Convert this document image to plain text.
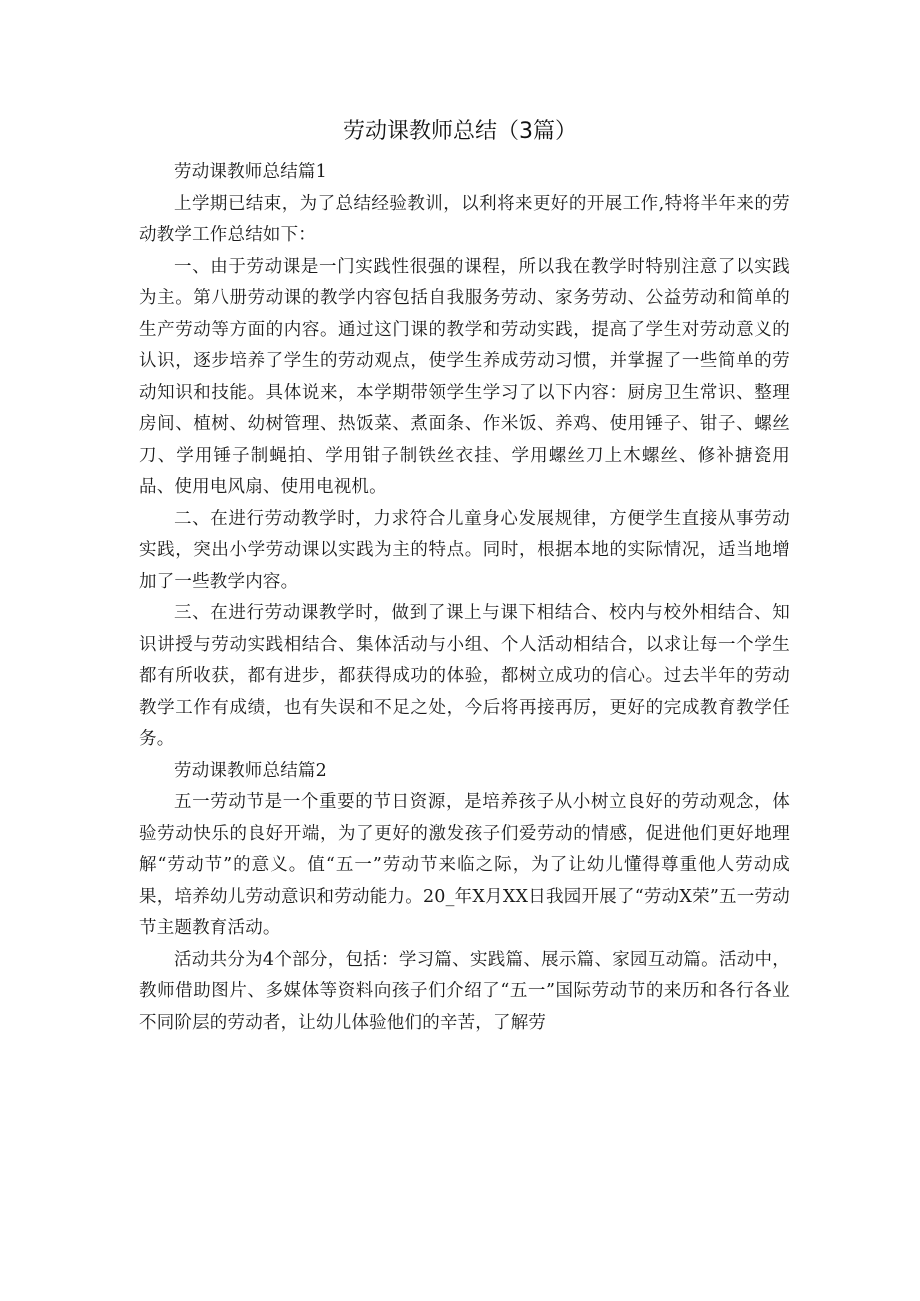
劳动课教师总结（3篇）

劳动课教师总结篇1

上学期已结束，为了总结经验教训，以利将来更好的开展工作,特将半年来的劳动教学工作总结如下：

一、由于劳动课是一门实践性很强的课程，所以我在教学时特别注意了以实践为主。第八册劳动课的教学内容包括自我服务劳动、家务劳动、公益劳动和简单的生产劳动等方面的内容。通过这门课的教学和劳动实践，提高了学生对劳动意义的认识，逐步培养了学生的劳动观点，使学生养成劳动习惯，并掌握了一些简单的劳动知识和技能。具体说来，本学期带领学生学习了以下内容：厨房卫生常识、整理房间、植树、幼树管理、热饭菜、煮面条、作米饭、养鸡、使用锤子、钳子、螺丝刀、学用锤子制蝇拍、学用钳子制铁丝衣挂、学用螺丝刀上木螺丝、修补搪瓷用品、使用电风扇、使用电视机。

二、在进行劳动教学时，力求符合儿童身心发展规律，方便学生直接从事劳动实践，突出小学劳动课以实践为主的特点。同时，根据本地的实际情况，适当地增加了一些教学内容。

三、在进行劳动课教学时，做到了课上与课下相结合、校内与校外相结合、知识讲授与劳动实践相结合、集体活动与小组、个人活动相结合，以求让每一个学生都有所收获，都有进步，都获得成功的体验，都树立成功的信心。过去半年的劳动教学工作有成绩，也有失误和不足之处，今后将再接再厉，更好的完成教育教学任务。

劳动课教师总结篇2

五一劳动节是一个重要的节日资源，是培养孩子从小树立良好的劳动观念，体验劳动快乐的良好开端，为了更好的激发孩子们爱劳动的情感，促进他们更好地理解“劳动节”的意义。值“五一”劳动节来临之际，为了让幼儿懂得尊重他人劳动成果，培养幼儿劳动意识和劳动能力。20_年X月XX日我园开展了“劳动X荣”五一劳动节主题教育活动。

活动共分为4个部分，包括：学习篇、实践篇、展示篇、家园互动篇。活动中，教师借助图片、多媒体等资料向孩子们介绍了“五一”国际劳动节的来历和各行各业不同阶层的劳动者，让幼儿体验他们的辛苦，了解劳
